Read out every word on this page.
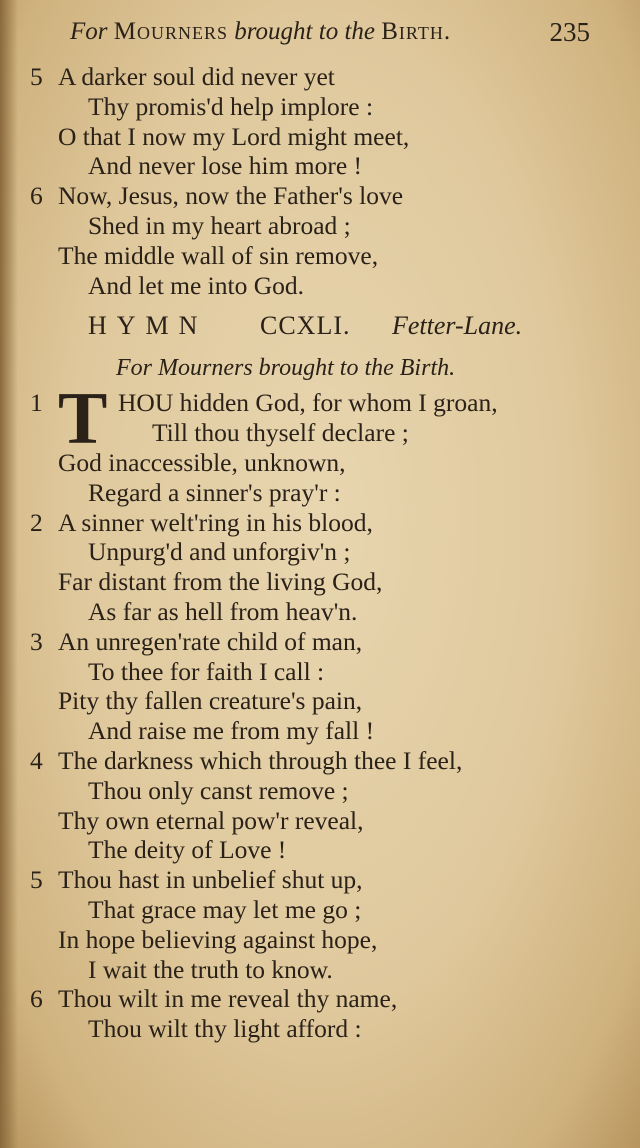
For Mourners brought to the Birth.	235
5 A darker soul did never yet
Thy promis'd help implore :
O that I now my Lord might meet,
And never lose him more !
6 Now, Jesus, now the Father's love
Shed in my heart abroad ;
The middle wall of sin remove,
And let me into God.
HYMN CCXLI. Fetter-Lane.
For Mourners brought to the Birth.
1 T HOU hidden God, for whom I groan,
Till thou thyself declare ;
God inaccessible, unknown,
Regard a sinner's pray'r :
2 A sinner welt'ring in his blood,
Unpurg'd and unforgiv'n ;
Far distant from the living God,
As far as hell from heav'n.
3 An unregen'rate child of man,
To thee for faith I call :
Pity thy fallen creature's pain,
And raise me from my fall !
4 The darkness which through thee I feel,
Thou only canst remove ;
Thy own eternal pow'r reveal,
The deity of Love !
5 Thou hast in unbelief shut up,
That grace may let me go ;
In hope believing against hope,
I wait the truth to know.
6 Thou wilt in me reveal thy name,
Thou wilt thy light afford :
